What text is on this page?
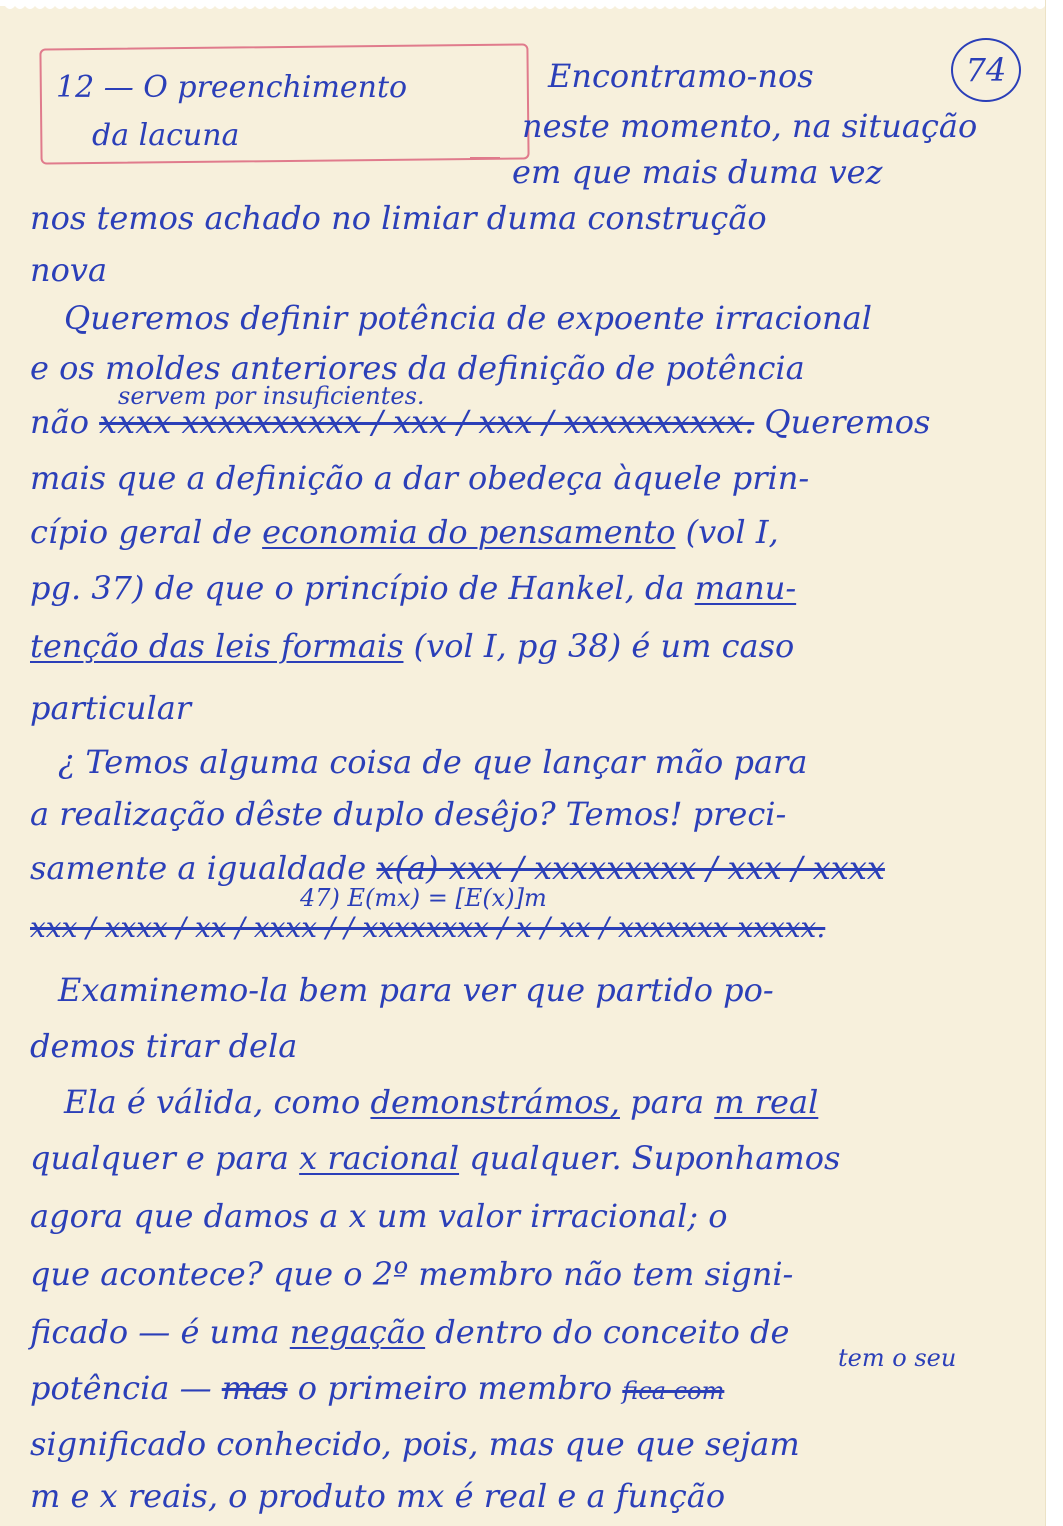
12 — O preenchimento
da lacuna
74
Encontramo-nos
neste momento, na situação
em que mais duma vez
nos temos achado no limiar duma construção
nova
Queremos definir potência de expoente irracional
e os moldes anteriores da definição de potência
servem por insuficientes.
não xxxx xxxxxxxxxx / xxx / xxx / xxxxxxxxxx. Queremos
mais que a definição a dar obedeça àquele prin-
cípio geral de economia do pensamento (vol I,
pg. 37) de que o princípio de Hankel, da manu-
tenção das leis formais (vol I, pg 38) é um caso
particular
¿ Temos alguma coisa de que lançar mão para
a realização dêste duplo desêjo? Temos! preci-
samente a igualdade x(a) xxx / xxxxxxxxx / xxx / xxxx
47) E(mx) = [E(x)]m
xxx / xxxx / xx / xxxx / / xxxxxxxx / x / xx / xxxxxxx xxxxx.
Examinemo-la bem para ver que partido po-
demos tirar dela
Ela é válida, como demonstrámos, para m real
qualquer e para x racional qualquer. Suponhamos
agora que damos a x um valor irracional; o
que acontece? que o 2º membro não tem signi-
ficado — é uma negação dentro do conceito de
tem o seu
potência — mas o primeiro membro fica com
significado conhecido, pois, mas que que sejam
m e x reais, o produto mx é real e a função
